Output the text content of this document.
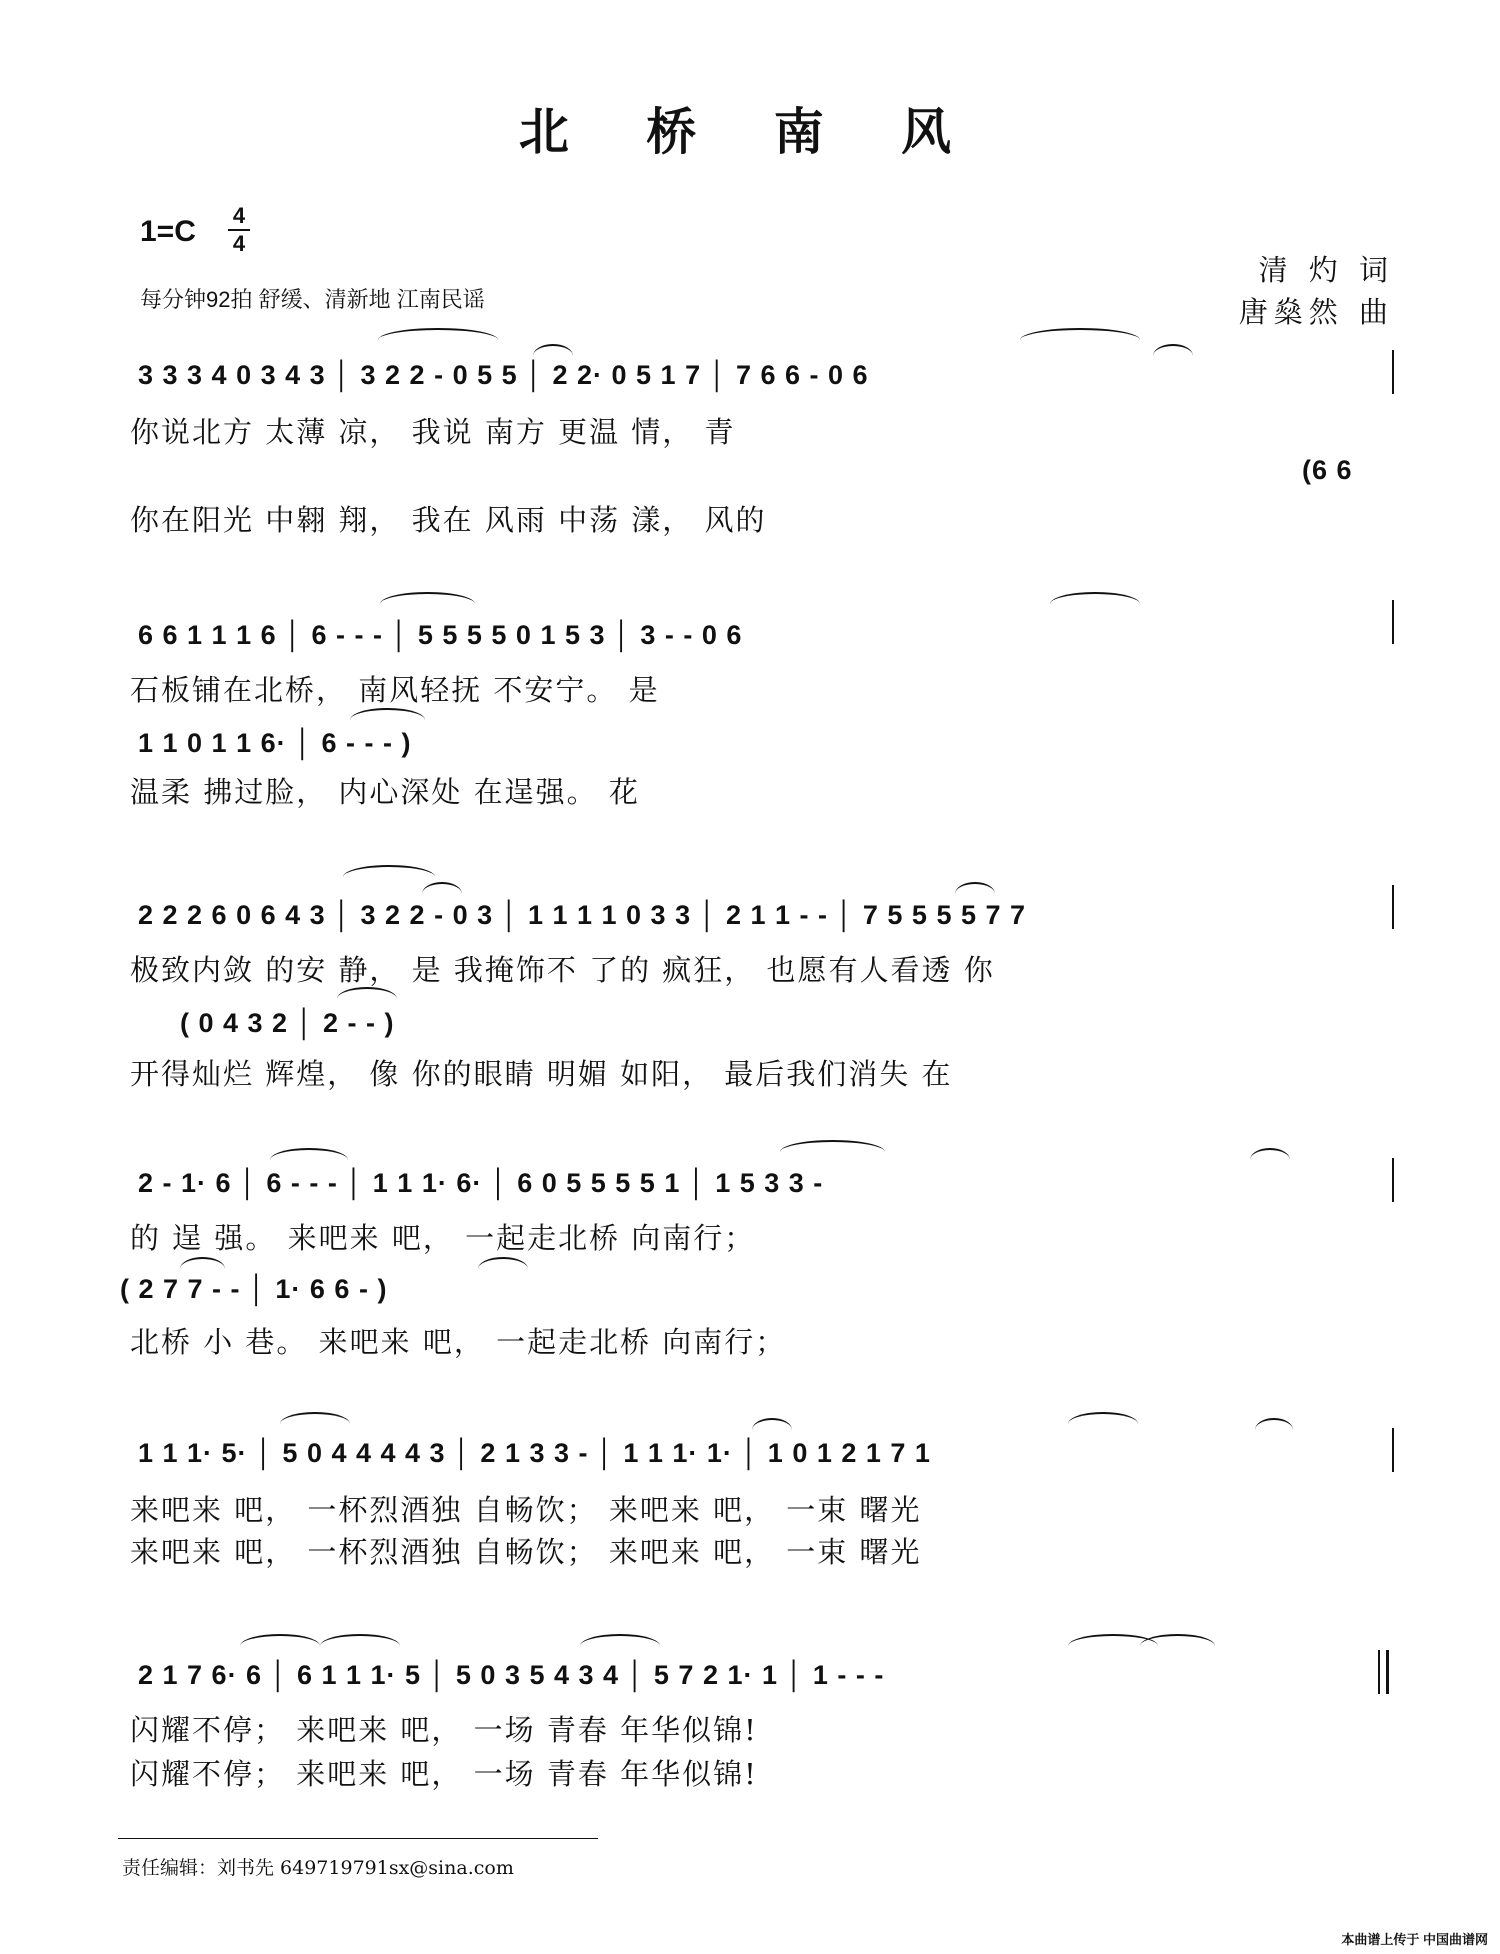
北 桥 南 风
1=C 4
4
每分钟92拍 舒缓、清新地 江南民谣
清 灼 词
唐燊然 曲
3 3 3 4 0 3 4 3 │ 3 2 2 - 0 5 5 │ 2 2· 0 5 1 7 │ 7 6 6 - 0 6
你说北方 太薄 凉， 我说 南方 更温 情， 青
(6 6
你在阳光 中翱 翔， 我在 风雨 中荡 漾， 风的
6 6 1 1 1 6 │ 6 - - - │ 5 5 5 5 0 1 5 3 │ 3 - - 0 6
石板铺在北桥， 南风轻抚 不安宁。 是
1 1 0 1 1 6· │ 6 - - - )
温柔 拂过脸， 内心深处 在逞强。 花
2 2 2 6 0 6 4 3 │ 3 2 2 - 0 3 │ 1 1 1 1 0 3 3 │ 2 1 1 - - │ 7 5 5 5 5 7 7
极致内敛 的安 静， 是 我掩饰不 了的 疯狂， 也愿有人看透 你
( 0 4 3 2 │ 2 - - )
开得灿烂 辉煌， 像 你的眼睛 明媚 如阳， 最后我们消失 在
2 - 1· 6 │ 6 - - - │ 1 1 1· 6· │ 6 0 5 5 5 5 1 │ 1 5 3 3 -
的 逞 强。 来吧来 吧， 一起走北桥 向南行；
( 2 7 7 - - │ 1· 6 6 - )
北桥 小 巷。 来吧来 吧， 一起走北桥 向南行；
1 1 1· 5· │ 5 0 4 4 4 4 3 │ 2 1 3 3 - │ 1 1 1· 1· │ 1 0 1 2 1 7 1
来吧来 吧， 一杯烈酒独 自畅饮； 来吧来 吧， 一束 曙光
来吧来 吧， 一杯烈酒独 自畅饮； 来吧来 吧， 一束 曙光
2 1 7 6· 6 │ 6 1 1 1· 5 │ 5 0 3 5 4 3 4 │ 5 7 2 1· 1 │ 1 - - -
闪耀不停； 来吧来 吧， 一场 青春 年华似锦!
闪耀不停； 来吧来 吧， 一场 青春 年华似锦!
责任编辑：刘书先 649719791sx@sina.com
本曲谱上传于 中国曲谱网
